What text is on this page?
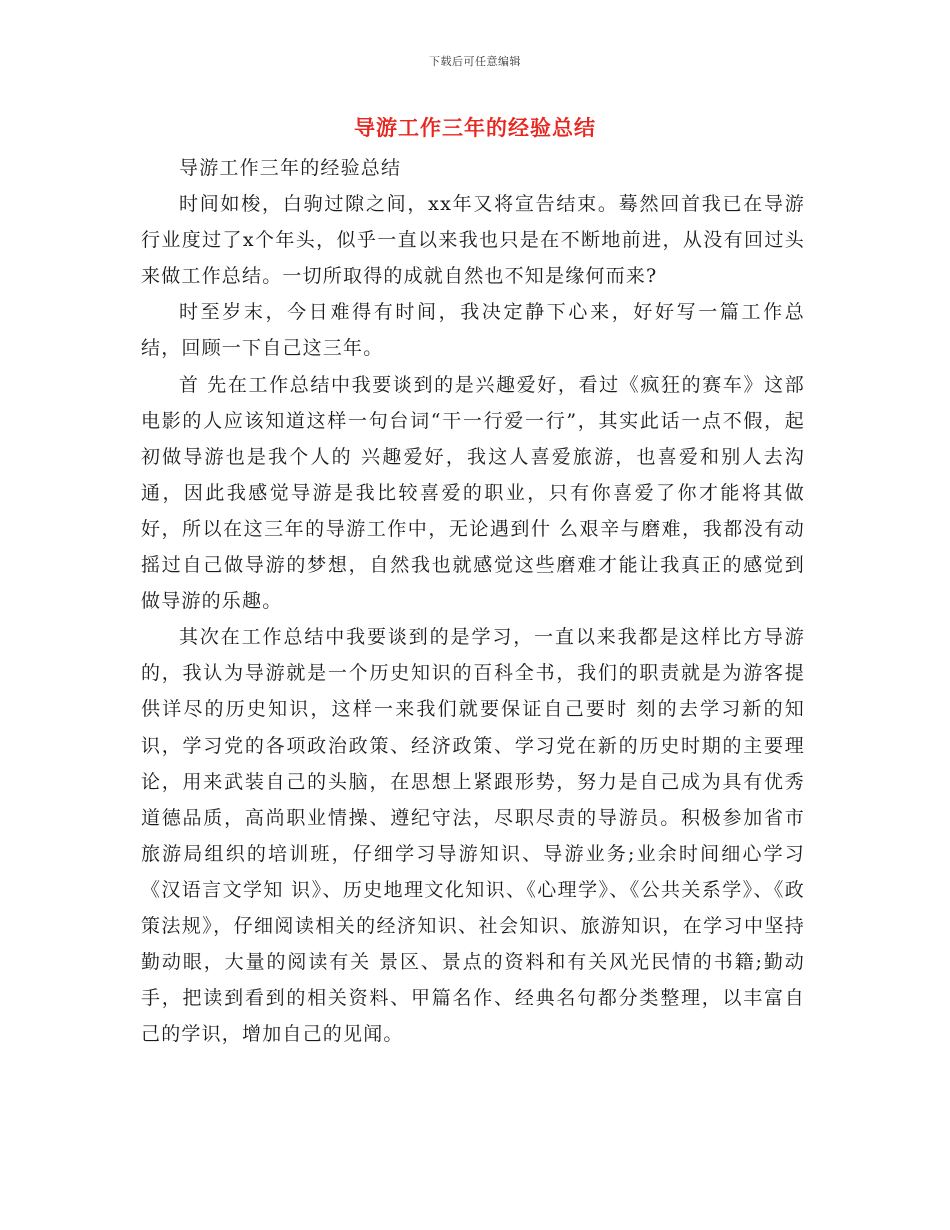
下载后可任意编辑
导游工作三年的经验总结

导游工作三年的经验总结

时间如梭，白驹过隙之间，xx年又将宣告结束。蓦然回首我已在导游行业度过了x个年头，似乎一直以来我也只是在不断地前进，从没有回过头来做工作总结。一切所取得的成就自然也不知是缘何而来?

时至岁末，今日难得有时间，我决定静下心来，好好写一篇工作总结，回顾一下自己这三年。

首 先在工作总结中我要谈到的是兴趣爱好，看过《疯狂的赛车》这部电影的人应该知道这样一句台词“干一行爱一行”，其实此话一点不假，起初做导游也是我个人的 兴趣爱好，我这人喜爱旅游，也喜爱和别人去沟通，因此我感觉导游是我比较喜爱的职业，只有你喜爱了你才能将其做好，所以在这三年的导游工作中，无论遇到什 么艰辛与磨难，我都没有动摇过自己做导游的梦想，自然我也就感觉这些磨难才能让我真正的感觉到做导游的乐趣。

其次在工作总结中我要谈到的是学习，一直以来我都是这样比方导游的，我认为导游就是一个历史知识的百科全书，我们的职责就是为游客提供详尽的历史知识，这样一来我们就要保证自己要时 刻的去学习新的知识，学习党的各项政治政策、经济政策、学习党在新的历史时期的主要理论，用来武装自己的头脑，在思想上紧跟形势，努力是自己成为具有优秀 道德品质，高尚职业情操、遵纪守法，尽职尽责的导游员。积极参加省市旅游局组织的培训班，仔细学习导游知识、导游业务;业余时间细心学习《汉语言文学知 识》、历史地理文化知识、《心理学》、《公共关系学》、《政策法规》，仔细阅读相关的经济知识、社会知识、旅游知识，在学习中坚持勤动眼，大量的阅读有关 景区、景点的资料和有关风光民情的书籍;勤动手，把读到看到的相关资料、甲篇名作、经典名句都分类整理，以丰富自己的学识，增加自己的见闻。
